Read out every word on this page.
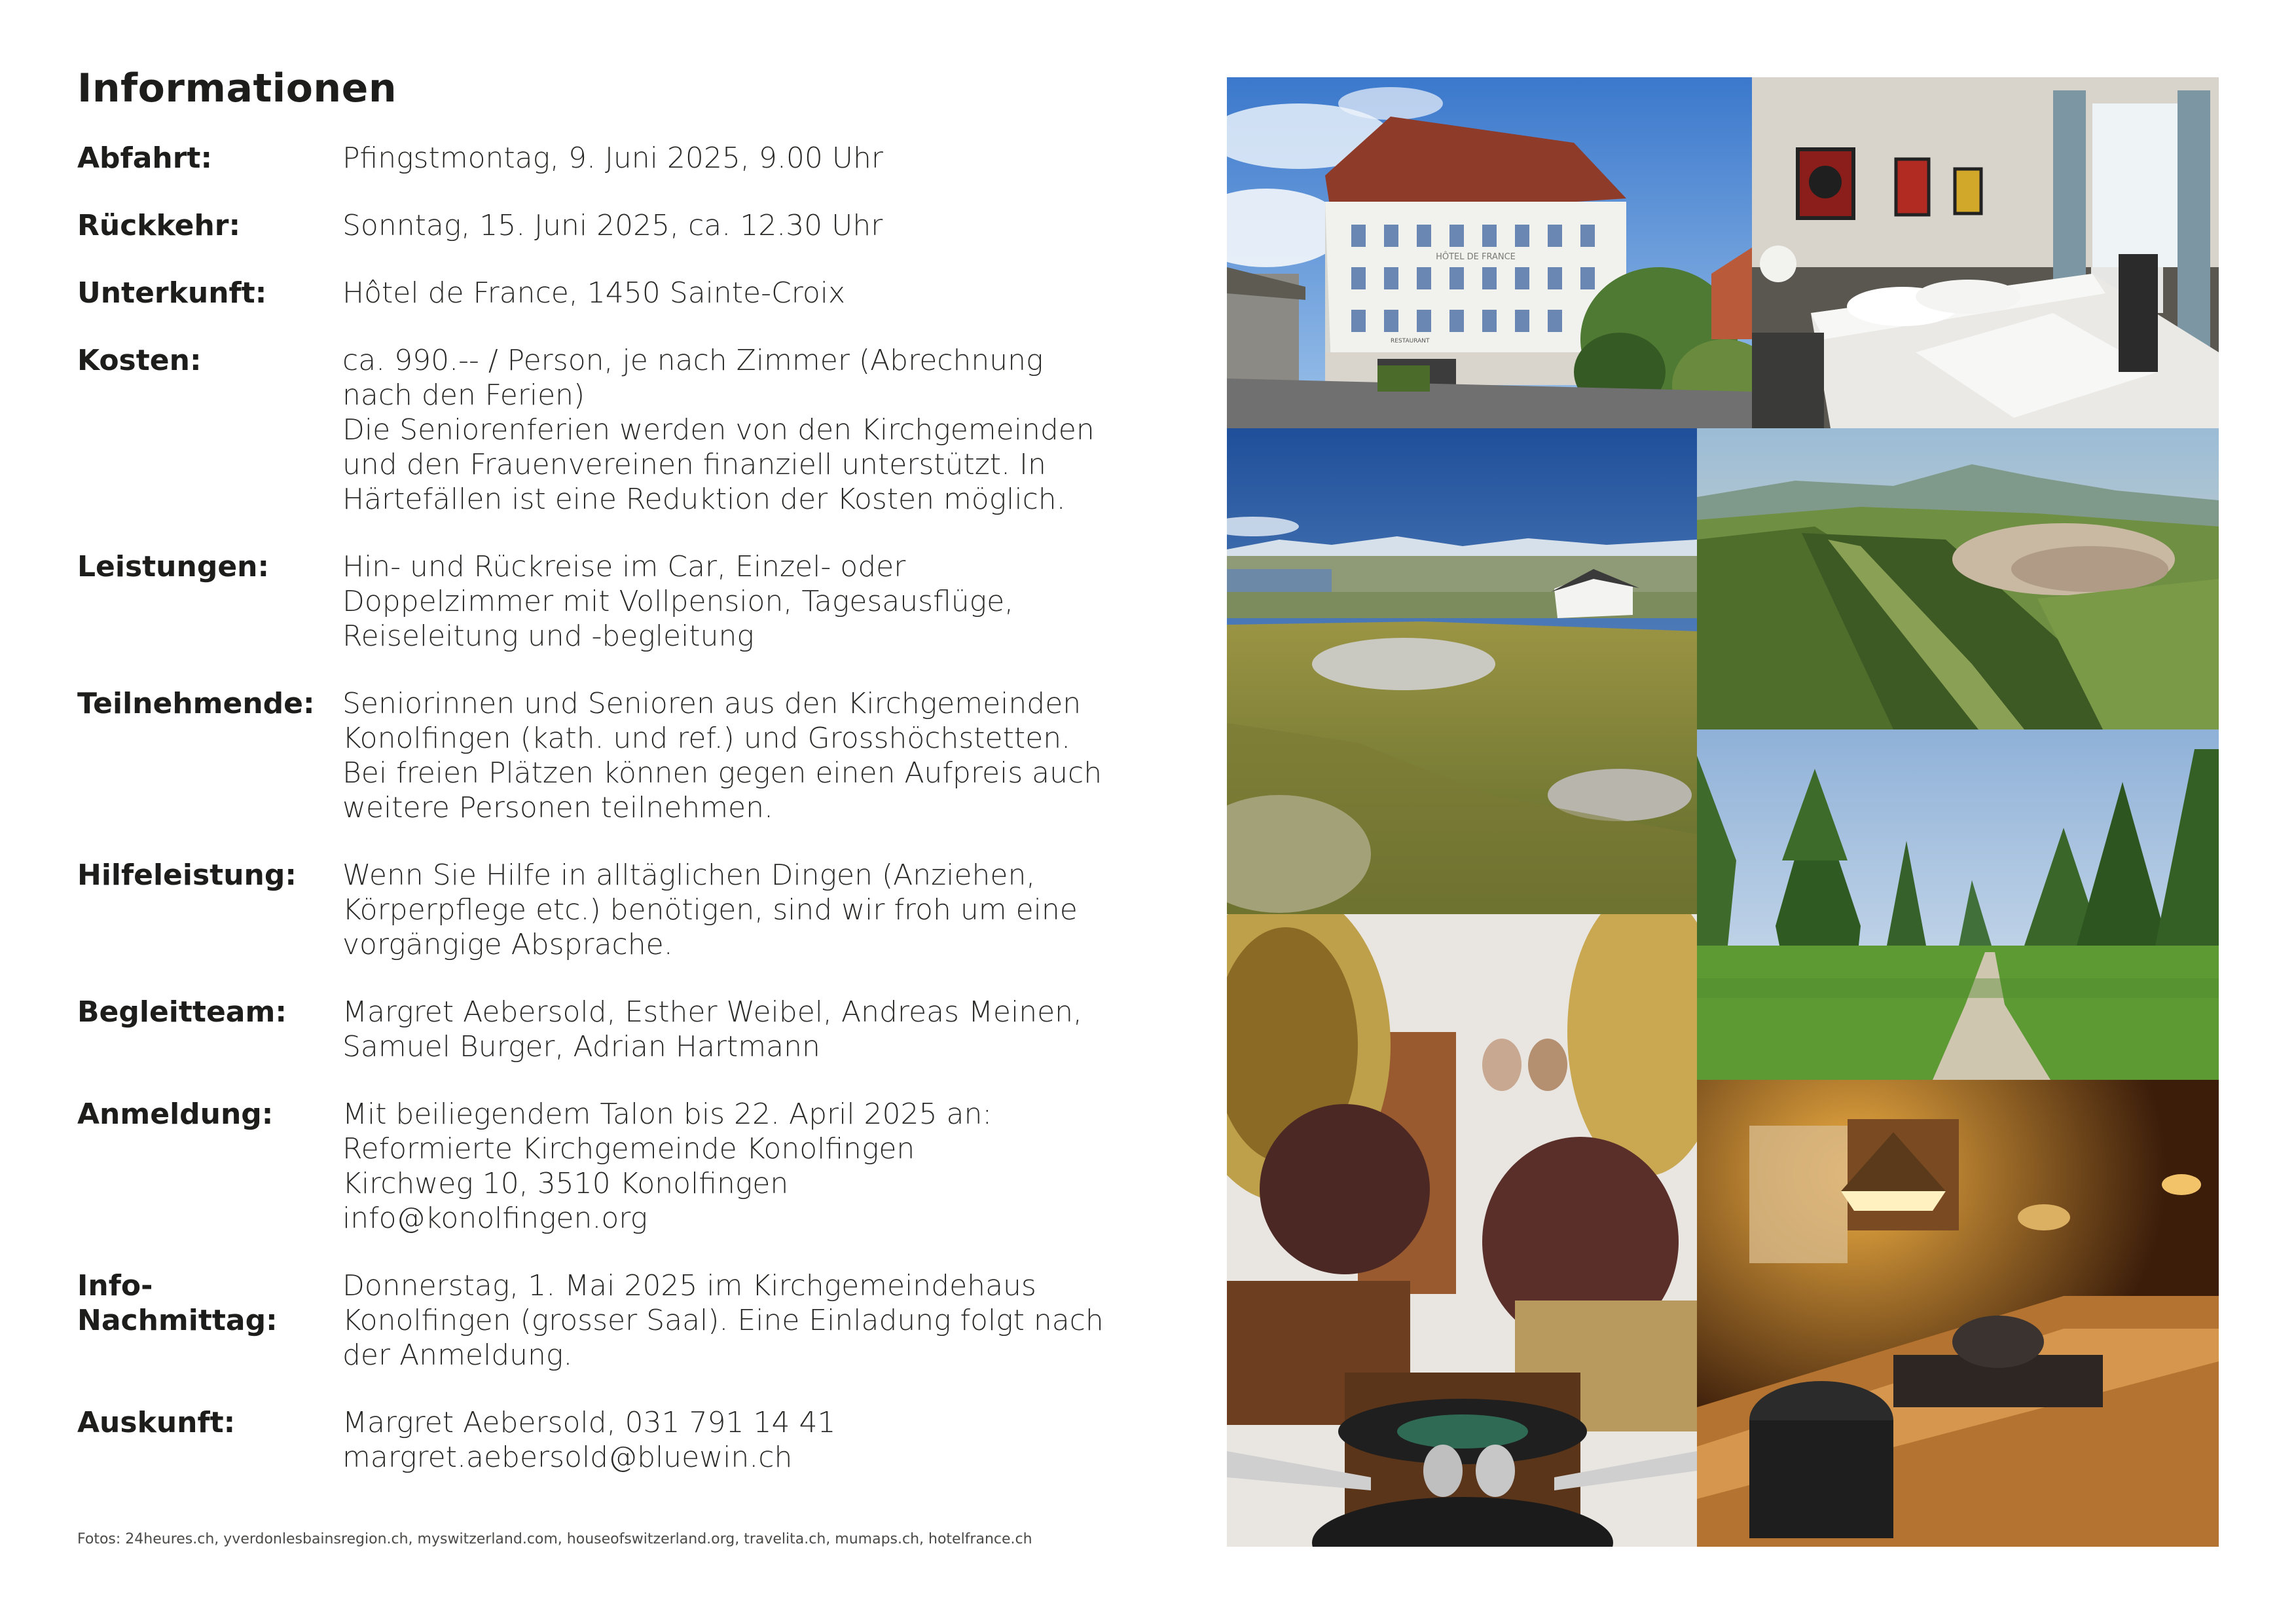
Informationen
Abfahrt:	Pfingstmontag, 9. Juni 2025, 9.00 Uhr
Rückkehr:	Sonntag, 15. Juni 2025, ca. 12.30 Uhr
Unterkunft:	Hôtel de France, 1450 Sainte-Croix
Kosten:	ca. 990.-- / Person, je nach Zimmer (Abrechnung
nach den Ferien)
Die Seniorenferien werden von den Kirchgemeinden
und den Frauenvereinen finanziell unterstützt. In
Härtefällen ist eine Reduktion der Kosten möglich.
Leistungen:	Hin- und Rückreise im Car, Einzel- oder
Doppelzimmer mit Vollpension, Tagesausflüge,
Reiseleitung und -begleitung
Teilnehmende: Seniorinnen und Senioren aus den Kirchgemeinden
Konolfingen (kath. und ref.) und Grosshöchstetten.
Bei freien Plätzen können gegen einen Aufpreis auch
weitere Personen teilnehmen.
Hilfeleistung:	Wenn Sie Hilfe in alltäglichen Dingen (Anziehen,
Körperpflege etc.) benötigen, sind wir froh um eine
vorgängige Absprache.
Begleitteam:	Margret Aebersold, Esther Weibel, Andreas Meinen,
Samuel Burger, Adrian Hartmann
Anmeldung:	Mit beiliegendem Talon bis 22. April 2025 an:
Reformierte Kirchgemeinde Konolfingen
Kirchweg 10, 3510 Konolfingen
info@konolfingen.org
Info-Nachmittag:
Donnerstag, 1. Mai 2025 im Kirchgemeindehaus
Konolfingen (grosser Saal). Eine Einladung folgt nach
der Anmeldung.
Auskunft:	Margret Aebersold, 031 791 14 41
margret.aebersold@bluewin.ch
Fotos: 24heures.ch, yverdonlesbainsregion.ch, myswitzerland.com, houseofswitzerland.org, travelita.ch, mumaps.ch, hotelfrance.ch
HÔTEL DE FRANCE
RESTAURANT
